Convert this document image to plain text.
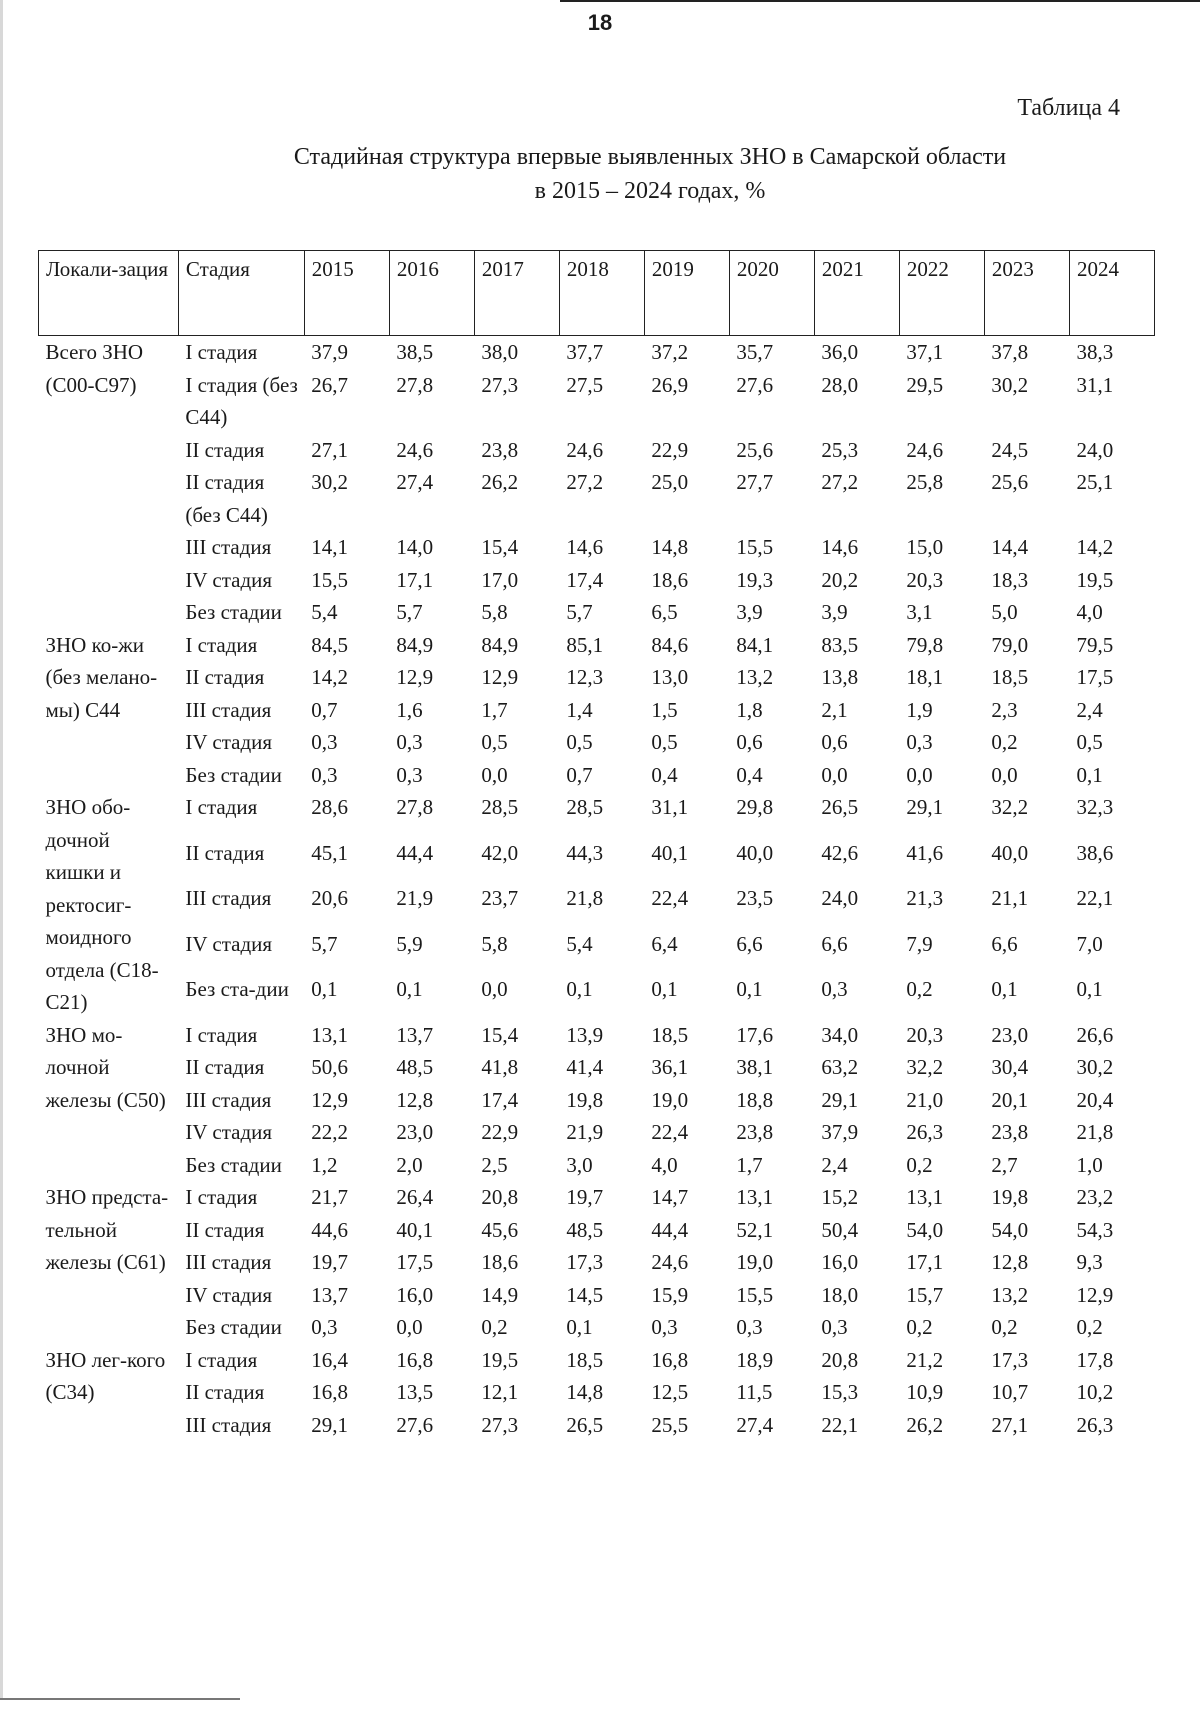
18
Таблица 4
Стадийная структура впервые выявленных ЗНО в Самарской области
в 2015 – 2024 годах, %
Локали-зация	Стадия	2015	2016	2017	2018	2019	2020	2021	2022	2023	2024
Всего ЗНО (С00-С97)	I стадия	37,9	38,5	38,0	37,7	37,2	35,7	36,0	37,1	37,8	38,3
	I стадия (без С44)	26,7	27,8	27,3	27,5	26,9	27,6	28,0	29,5	30,2	31,1
	II стадия	27,1	24,6	23,8	24,6	22,9	25,6	25,3	24,6	24,5	24,0
	II стадия (без С44)	30,2	27,4	26,2	27,2	25,0	27,7	27,2	25,8	25,6	25,1
	III стадия	14,1	14,0	15,4	14,6	14,8	15,5	14,6	15,0	14,4	14,2
	IV стадия	15,5	17,1	17,0	17,4	18,6	19,3	20,2	20,3	18,3	19,5
	Без стадии	5,4	5,7	5,8	5,7	6,5	3,9	3,9	3,1	5,0	4,0
ЗНО ко-жи (без мелано-мы) С44	I стадия	84,5	84,9	84,9	85,1	84,6	84,1	83,5	79,8	79,0	79,5
	II стадия	14,2	12,9	12,9	12,3	13,0	13,2	13,8	18,1	18,5	17,5
	III стадия	0,7	1,6	1,7	1,4	1,5	1,8	2,1	1,9	2,3	2,4
	IV стадия	0,3	0,3	0,5	0,5	0,5	0,6	0,6	0,3	0,2	0,5
	Без стадии	0,3	0,3	0,0	0,7	0,4	0,4	0,0	0,0	0,0	0,1
ЗНО обо-дочной кишки и ректосиг-моидного отдела (С18-С21)	I стадия	28,6	27,8	28,5	28,5	31,1	29,8	26,5	29,1	32,2	32,3
	II стадия	45,1	44,4	42,0	44,3	40,1	40,0	42,6	41,6	40,0	38,6
	III стадия	20,6	21,9	23,7	21,8	22,4	23,5	24,0	21,3	21,1	22,1
	IV стадия	5,7	5,9	5,8	5,4	6,4	6,6	6,6	7,9	6,6	7,0
	Без ста-дии	0,1	0,1	0,0	0,1	0,1	0,1	0,3	0,2	0,1	0,1
ЗНО мо-лочной железы (С50)	I стадия	13,1	13,7	15,4	13,9	18,5	17,6	34,0	20,3	23,0	26,6
	II стадия	50,6	48,5	41,8	41,4	36,1	38,1	63,2	32,2	30,4	30,2
	III стадия	12,9	12,8	17,4	19,8	19,0	18,8	29,1	21,0	20,1	20,4
	IV стадия	22,2	23,0	22,9	21,9	22,4	23,8	37,9	26,3	23,8	21,8
	Без стадии	1,2	2,0	2,5	3,0	4,0	1,7	2,4	0,2	2,7	1,0
ЗНО предста-тельной железы (С61)	I стадия	21,7	26,4	20,8	19,7	14,7	13,1	15,2	13,1	19,8	23,2
	II стадия	44,6	40,1	45,6	48,5	44,4	52,1	50,4	54,0	54,0	54,3
	III стадия	19,7	17,5	18,6	17,3	24,6	19,0	16,0	17,1	12,8	9,3
	IV стадия	13,7	16,0	14,9	14,5	15,9	15,5	18,0	15,7	13,2	12,9
	Без стадии	0,3	0,0	0,2	0,1	0,3	0,3	0,3	0,2	0,2	0,2
ЗНО лег-кого (С34)	I стадия	16,4	16,8	19,5	18,5	16,8	18,9	20,8	21,2	17,3	17,8
	II стадия	16,8	13,5	12,1	14,8	12,5	11,5	15,3	10,9	10,7	10,2
	III стадия	29,1	27,6	27,3	26,5	25,5	27,4	22,1	26,2	27,1	26,3
